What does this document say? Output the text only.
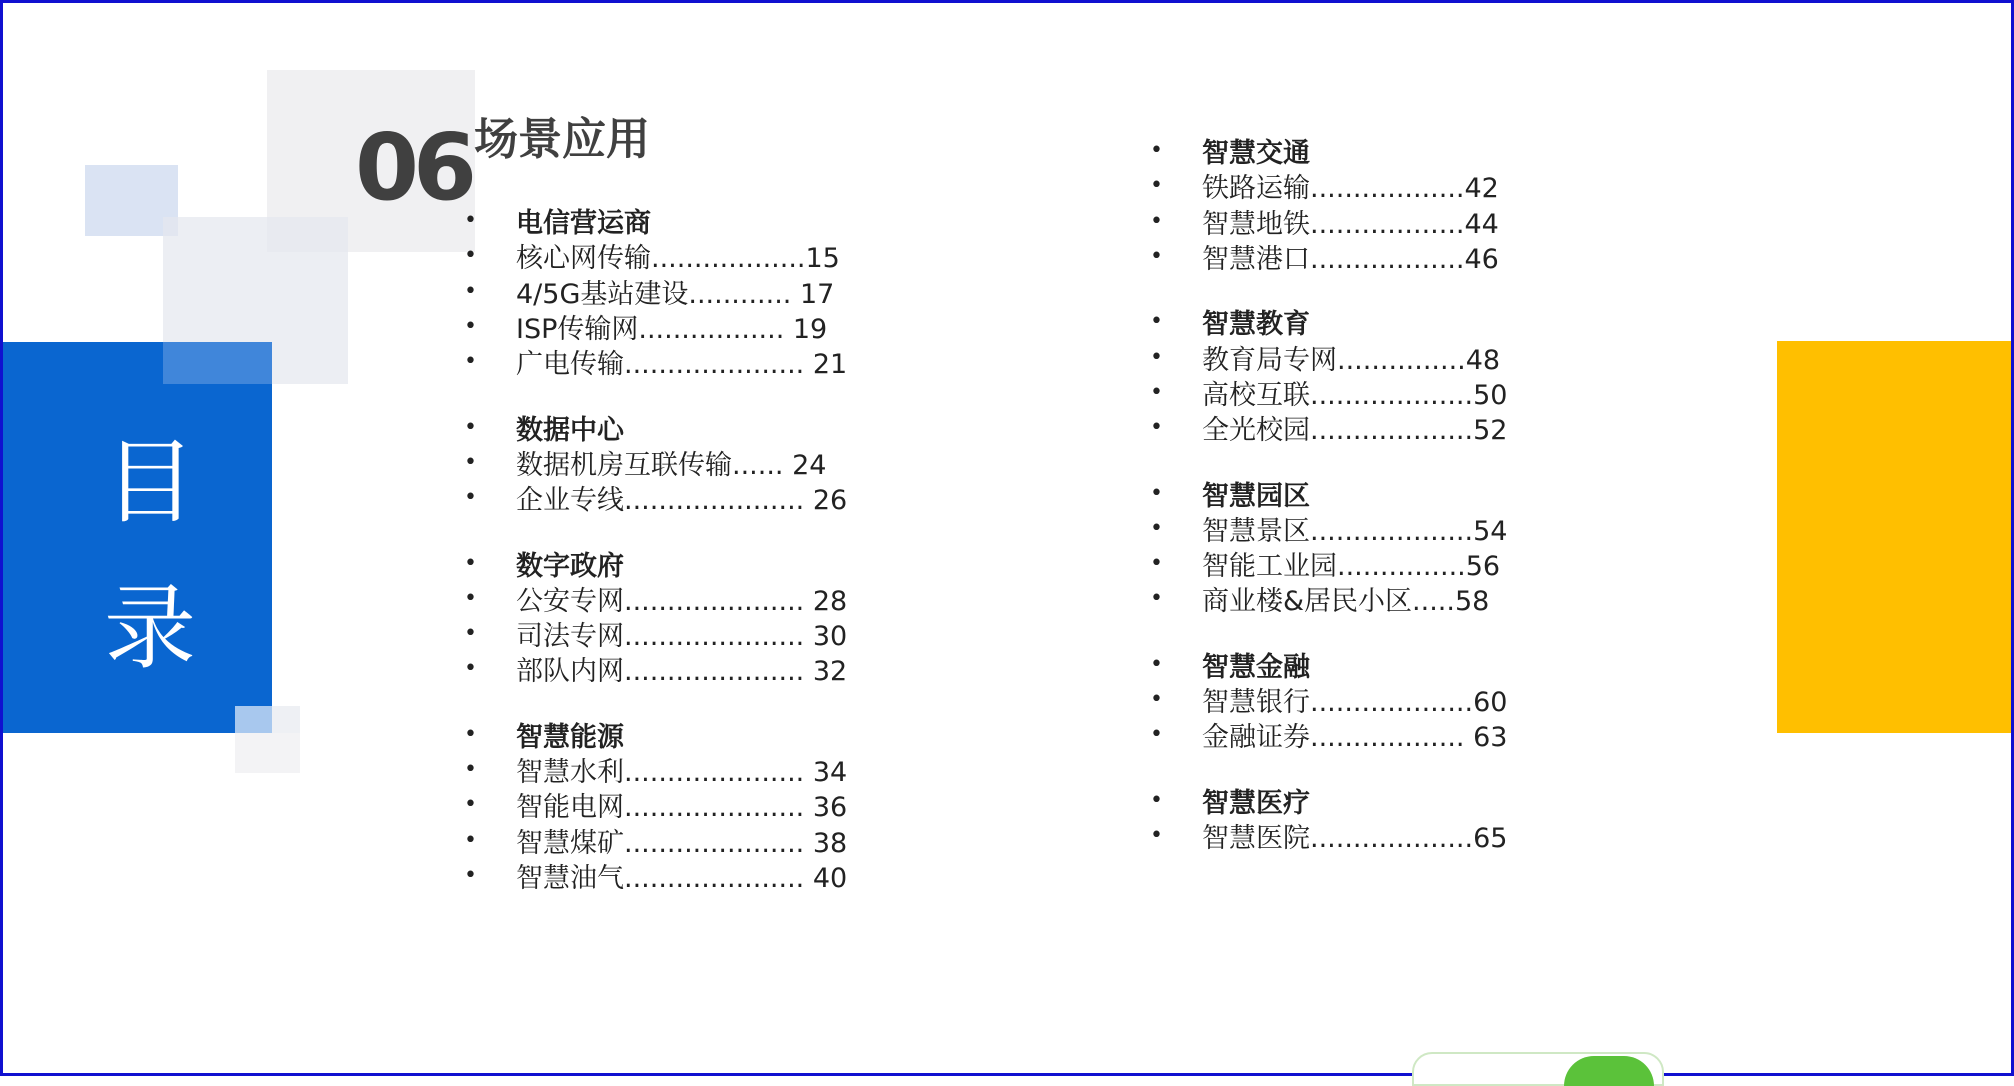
目
录
06 场景应用
•	电信营运商
•	核心网传输..................15
•	4/5G基站建设............ 17
•	ISP传输网................. 19
•	广电传输..................... 21
•	数据中心
•	数据机房互联传输...... 24
•	企业专线..................... 26
•	数字政府
•	公安专网..................... 28
•	司法专网..................... 30
•	部队内网..................... 32
•	智慧能源
•	智慧水利..................... 34
•	智能电网..................... 36
•	智慧煤矿..................... 38
•	智慧油气..................... 40
•	智慧交通
•	铁路运输..................42
•	智慧地铁..................44
•	智慧港口..................46
•	智慧教育
•	教育局专网...............48
•	高校互联...................50
•	全光校园...................52
•	智慧园区
•	智慧景区...................54
•	智能工业园...............56
•	商业楼&居民小区.....58
•	智慧金融
•	智慧银行...................60
•	金融证券.................. 63
•	智慧医疗
•	智慧医院...................65
